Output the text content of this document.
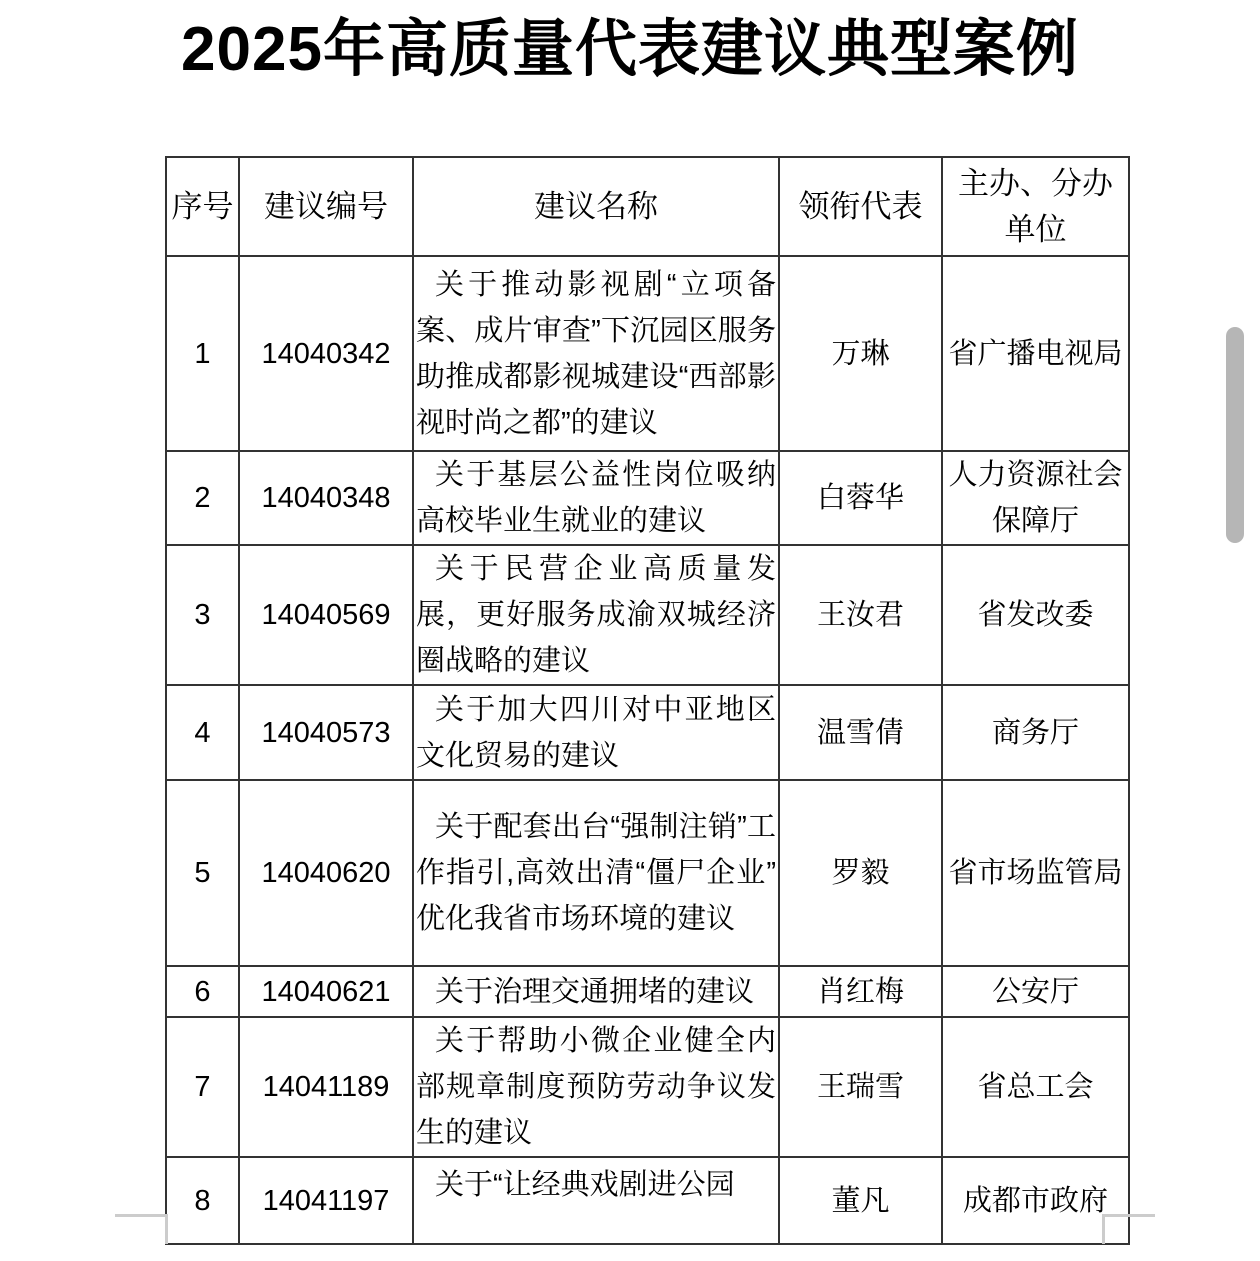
2025年高质量代表建议典型案例
序号	建议编号	建议名称	领衔代表	主办、分办单位
1	14040342	关于推动影视剧“立项备案、成片审查”下沉园区服务助推成都影视城建设“西部影视时尚之都”的建议	万琳	省广播电视局
2	14040348	关于基层公益性岗位吸纳高校毕业生就业的建议	白蓉华	人力资源社会保障厅
3	14040569	关于民营企业高质量发展，更好服务成渝双城经济圈战略的建议	王汝君	省发改委
4	14040573	关于加大四川对中亚地区文化贸易的建议	温雪倩	商务厅
5	14040620	关于配套出台“强制注销”工作指引,高效出清“僵尸企业”优化我省市场环境的建议	罗毅	省市场监管局
6	14040621	关于治理交通拥堵的建议	肖红梅	公安厅
7	14041189	关于帮助小微企业健全内部规章制度预防劳动争议发生的建议	王瑞雪	省总工会
8	14041197	关于“让经典戏剧进公园	董凡	成都市政府
